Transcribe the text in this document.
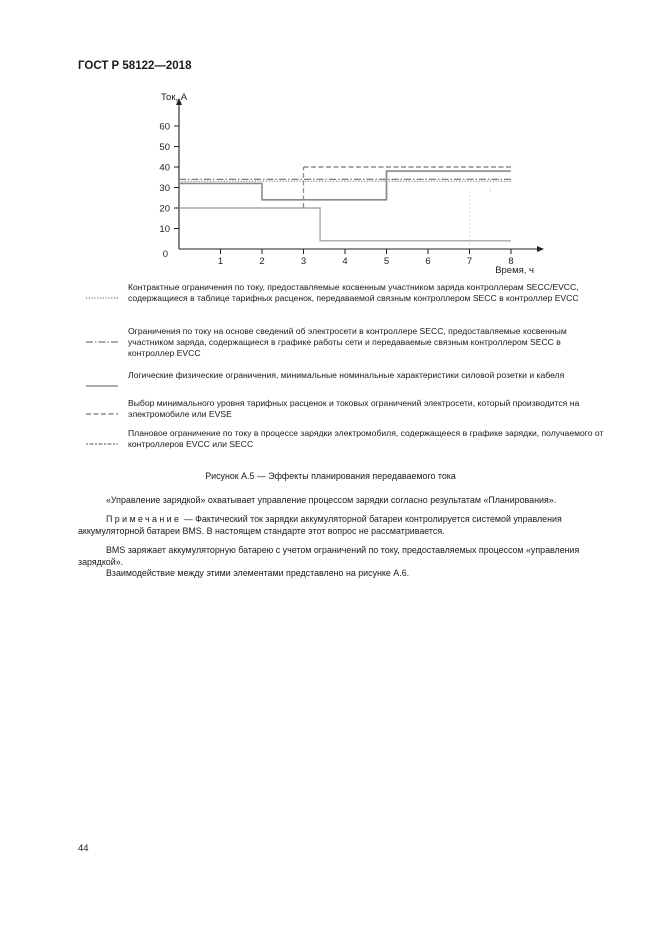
ГОСТ Р 58122—2018
10
20
30
40
50
60
1	2	3	4	5	6	7	8
0
Ток, А
Время, ч
Контрактные ограничения по току, предоставляемые косвенным участником заряда контроллерам SECC/EVCC, содержащиеся в таблице тарифных расценок, передаваемой связным контроллером SECC в контроллер EVCC
Ограничения по току на основе сведений об электросети в контроллере SECC, предоставляемые косвенным участником заряда, содержащиеся в графике работы сети и передаваемые связным контроллером SECC в контроллер EVCC
Логические физические ограничения, минимальные номинальные характеристики силовой розетки и кабеля
Выбор минимального уровня тарифных расценок и токовых ограничений электросети, который производится на электромобиле или EVSE
Плановое ограничение по току в процессе зарядки электромобиля, содержащееся в графике зарядки, получаемого от контроллеров EVCC или SECC
Рисунок А.5 — Эффекты планирования передаваемого тока
«Управление зарядкой» охватывает управление процессом зарядки согласно результатам «Планирования».
Примечание — Фактический ток зарядки аккумуляторной батареи контролируется системой управления аккумуляторной батареи BMS. В настоящем стандарте этот вопрос не рассматривается.
BMS заряжает аккумуляторную батарею с учетом ограничений по току, предоставляемых процессом «управления зарядкой».
Взаимодействие между этими элементами представлено на рисунке А.6.
44
